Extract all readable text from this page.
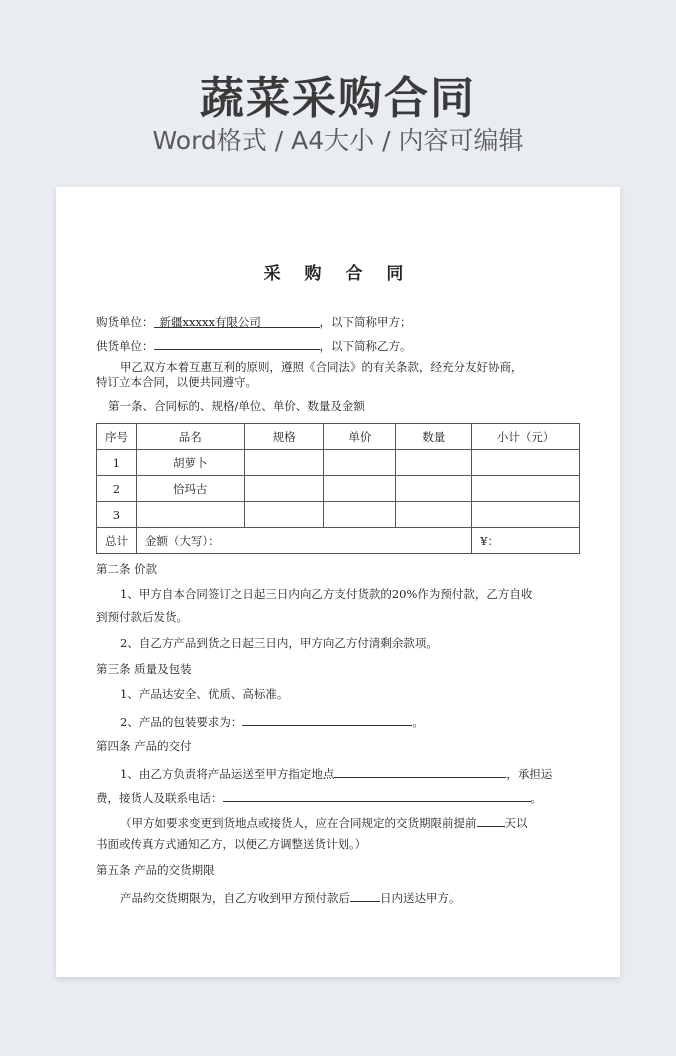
蔬菜采购合同
Word格式 / A4大小 / 内容可编辑
采 购 合 同
购货单位： 新疆xxxxx有限公司	，以下简称甲方；
供货单位：	，以下简称乙方。
甲乙双方本着互惠互利的原则，遵照《合同法》的有关条款，经充分友好协商，
特订立本合同，以便共同遵守。
第一条、合同标的、规格/单位、单价、数量及金额
序号	品名	规格	单价	数量	小计（元）
1	胡萝卜				
2	恰玛古				
3					
总计	金额（大写）：				¥：
第二条 价款
1、甲方自本合同签订之日起三日内向乙方支付货款的20%作为预付款，乙方自收
到预付款后发货。
2、自乙方产品到货之日起三日内，甲方向乙方付清剩余款项。
第三条 质量及包装
1、产品达安全、优质、高标准。
2、产品的包装要求为：	。
第四条 产品的交付
1、由乙方负责将产品运送至甲方指定地点	，承担运
费，接货人及联系电话：	。
（甲方如要求变更到货地点或接货人，应在合同规定的交货期限前提前 天以
书面或传真方式通知乙方，以便乙方调整送货计划。）
第五条 产品的交货期限
产品约交货期限为，自乙方收到甲方预付款后	日内送达甲方。
